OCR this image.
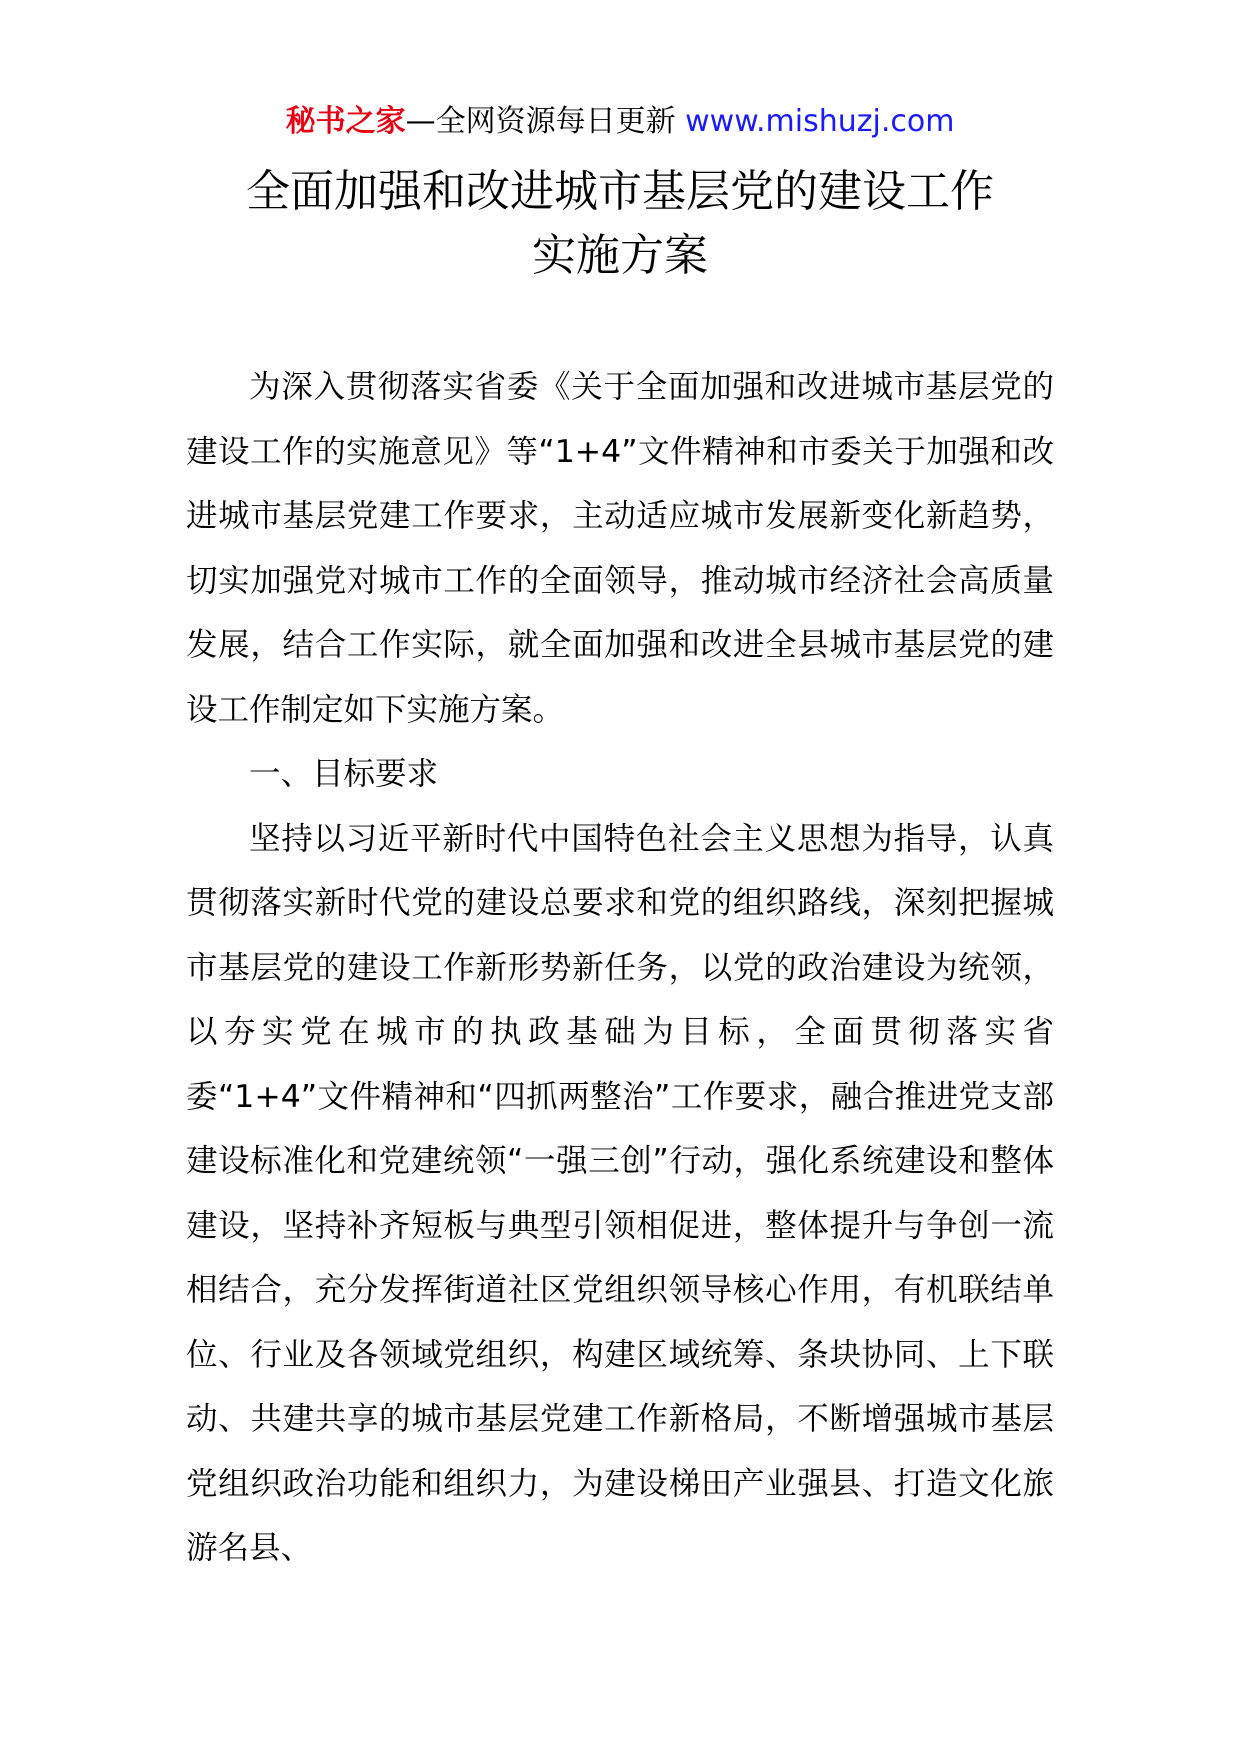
秘书之家—全网资源每日更新 www.mishuzj.com
全面加强和改进城市基层党的建设工作
实施方案

为深入贯彻落实省委《关于全面加强和改进城市基层党的建设工作的实施意见》等“1+4”文件精神和市委关于加强和改进城市基层党建工作要求，主动适应城市发展新变化新趋势，切实加强党对城市工作的全面领导，推动城市经济社会高质量发展，结合工作实际，就全面加强和改进全县城市基层党的建设工作制定如下实施方案。

一、目标要求

坚持以习近平新时代中国特色社会主义思想为指导，认真贯彻落实新时代党的建设总要求和党的组织路线，深刻把握城市基层党的建设工作新形势新任务，以党的政治建设为统领，以夯实党在城市的执政基础为目标，全面贯彻落实省委“1+4”文件精神和“四抓两整治”工作要求，融合推进党支部建设标准化和党建统领“一强三创”行动，强化系统建设和整体建设，坚持补齐短板与典型引领相促进，整体提升与争创一流相结合，充分发挥街道社区党组织领导核心作用，有机联结单位、行业及各领域党组织，构建区域统筹、条块协同、上下联动、共建共享的城市基层党建工作新格局，不断增强城市基层党组织政治功能和组织力，为建设梯田产业强县、打造文化旅游名县、
